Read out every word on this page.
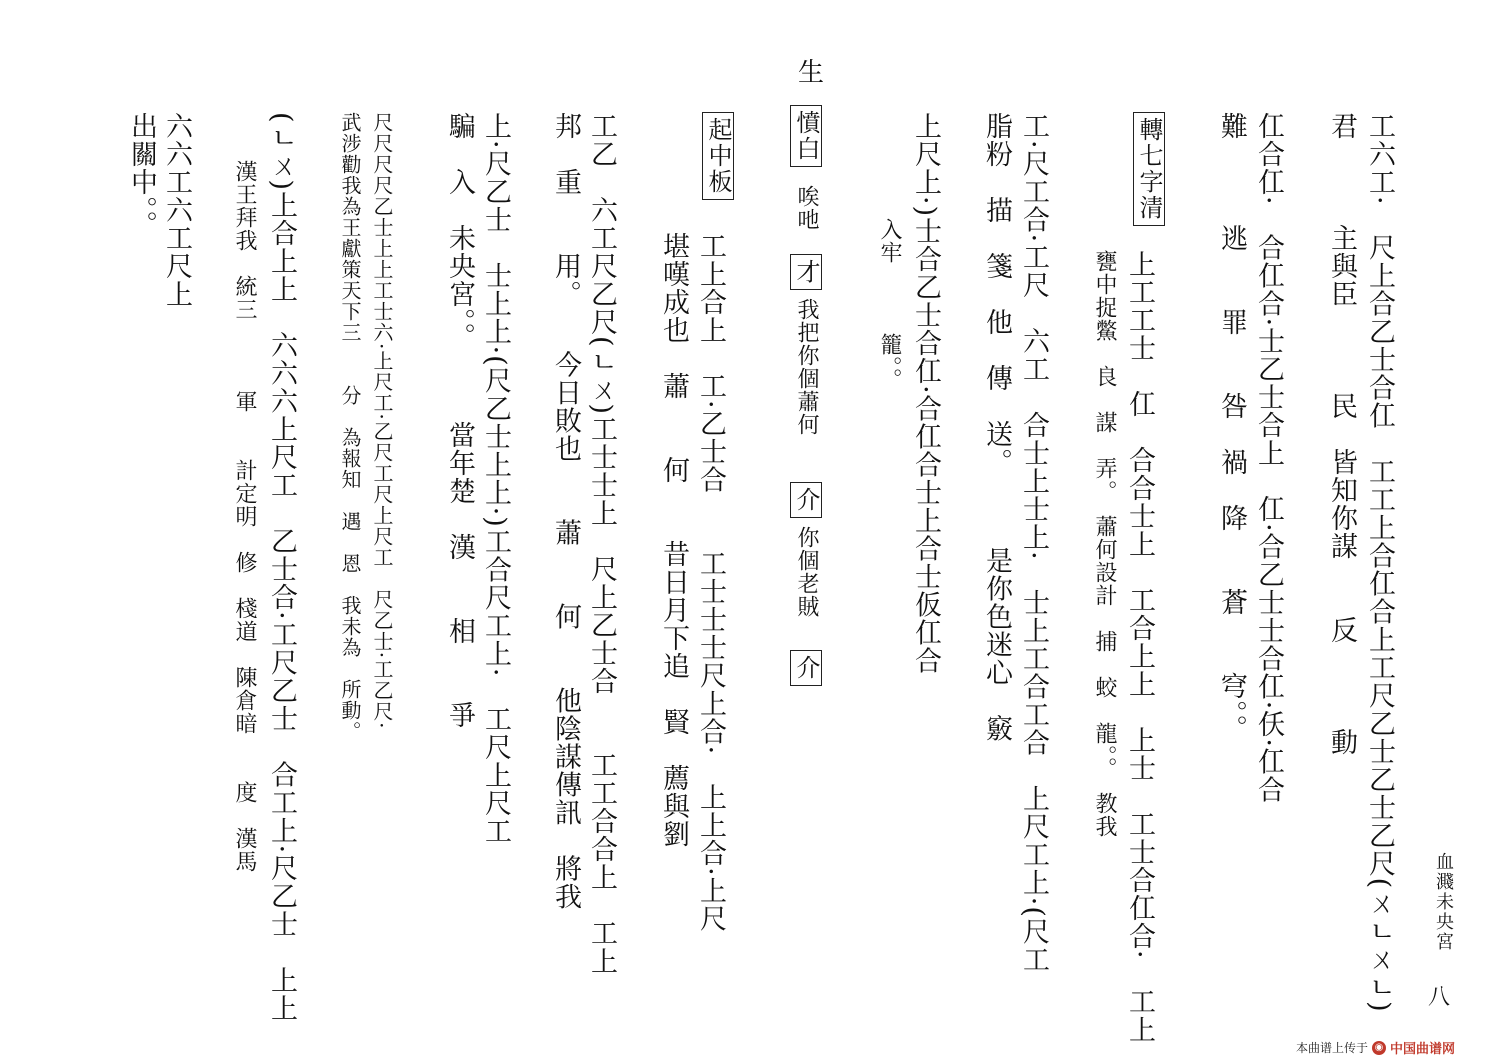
生
血濺未央宮
八
工六工·　尺上合乙士合仜　工工上合仜合上工尺乙士乙士乙尺(ㄨㄴㄨㄴ)
君　　　主與臣　　　民　皆知你謀　　反　　　動
仜合仜·　合仜合·士乙士合上　仜·合乙士士合仜·仸·仜合
難　　　逃　　罪　　咎　禍　降　　蒼　　穹。。
轉七字清
上工工士　仜　合合士上　工合上上　上士　工士合仜合·　工上
甕中捉鱉　良　謀　弄。　蕭何設計　捕　蛟　龍。。　教我
工·尺工合·工尺　六工　合士上士上·　士上工合工合　上尺工上·(尺工
脂粉　描　箋　他　傳　送。　　　是你色迷心　竅
上尺上·)士合乙士合仜·合仜合士上合士仮仜合
入牢　　　籠。。
憤白
唉吔
才
我把你個蕭何
介
你個老賊
介
起中板
工上合上　工·乙士合　　工士士士尺上合·　上上合·上尺
堪嘆成也　蕭　　何　　昔日月下追　賢　薦與劉
工乙　六工尺乙尺(ㄴㄨ)工士士上　尺上乙士合　　工工合合上　工上
邦　重　　用。　　今日敗也　　蕭　　何　　他陰謀傳訊　將我
上·尺乙士　士上上·(尺乙士上上·)工合尺工上·　工尺上尺工
騙　入　未央宮。。　　　當年楚　漢　　相　　爭
尺尺尺尺乙士上上工士六·上尺工·乙尺工尺上尺工　尺乙士·工乙尺·
武涉勸我為王獻策天下三　　分　為報知　遇　恩　我未為　所動。
(ㄴㄨ)上合上上　六六六上尺工　乙士合·工尺乙士　合工上·尺乙士　上上
漢王拜我　統三　　　軍　　計定明　修　棧道　陳倉暗　　度　漢馬
六六工六工尺上
出關中。。
本曲谱上传于 ◉ 中国曲谱网
